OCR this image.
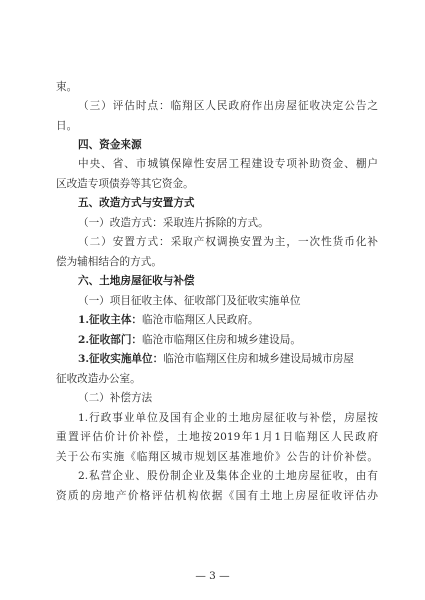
束。
（三）评估时点：临翔区人民政府作出房屋征收决定公告之
日。
四、资金来源
中央、省、市城镇保障性安居工程建设专项补助资金、棚户
区改造专项债券等其它资金。
五、改造方式与安置方式
（一）改造方式：采取连片拆除的方式。
（二）安置方式：采取产权调换安置为主，一次性货币化补
偿为辅相结合的方式。
六、土地房屋征收与补偿
（一）项目征收主体、征收部门及征收实施单位
1.征收主体：临沧市临翔区人民政府。
2.征收部门：临沧市临翔区住房和城乡建设局。
3.征收实施单位：临沧市临翔区住房和城乡建设局城市房屋
征收改造办公室。
（二）补偿方法
1.行政事业单位及国有企业的土地房屋征收与补偿，房屋按
重置评估价计价补偿，土地按2019年1月1日临翔区人民政府
关于公布实施《临翔区城市规划区基准地价》公告的计价补偿。
2.私营企业、股份制企业及集体企业的土地房屋征收，由有
资质的房地产价格评估机构依据《国有土地上房屋征收评估办
— 3 —
